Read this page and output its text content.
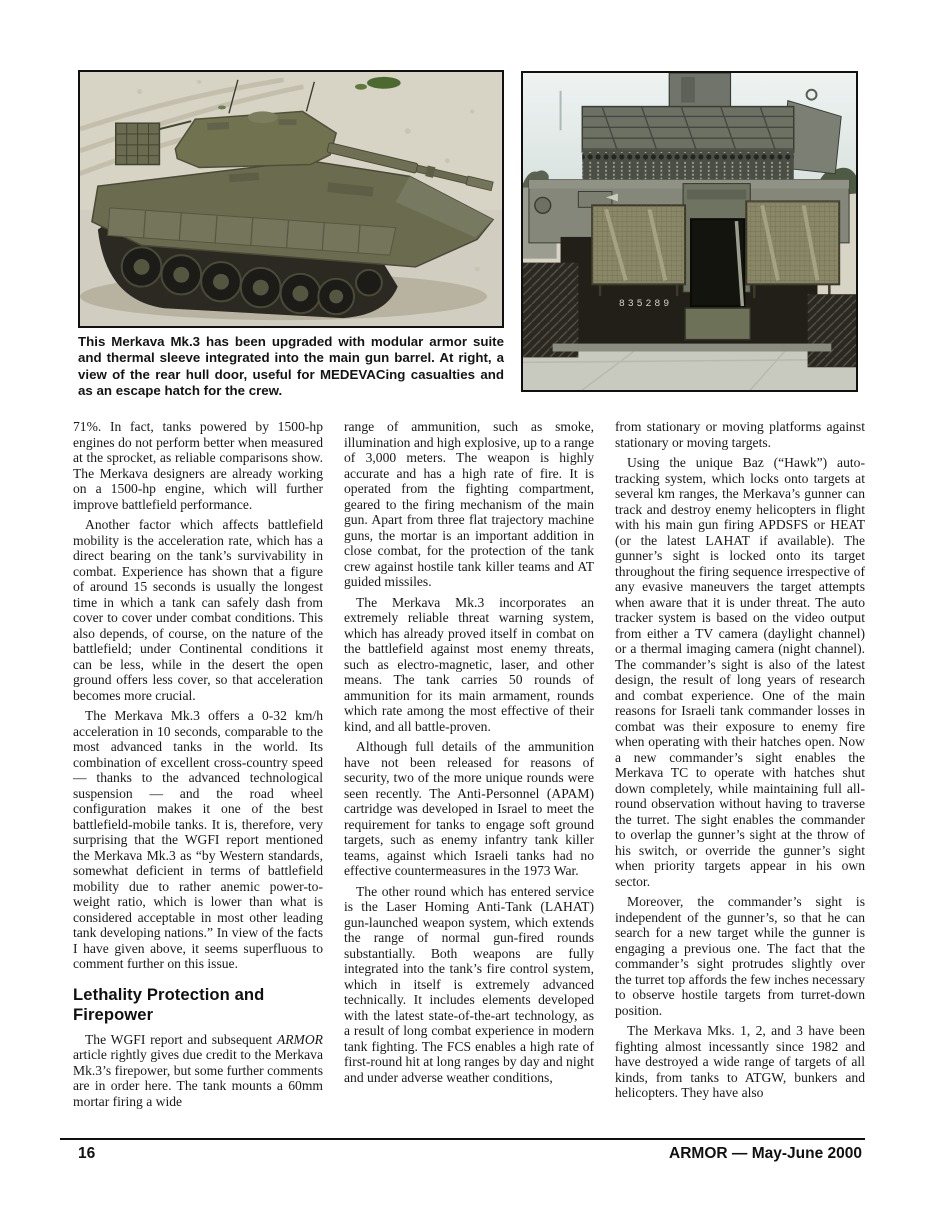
835289
This Merkava Mk.3 has been upgraded with modular armor suite and thermal sleeve integrated into the main gun barrel. At right, a view of the rear hull door, useful for MEDEVACing casualties and as an escape hatch for the crew.

71%. In fact, tanks powered by 1500-hp engines do not perform better when measured at the sprocket, as reliable comparisons show. The Merkava designers are already working on a 1500-hp engine, which will further improve battlefield performance.

Another factor which affects battlefield mobility is the acceleration rate, which has a direct bearing on the tank’s survivability in combat. Experience has shown that a figure of around 15 seconds is usually the longest time in which a tank can safely dash from cover to cover under combat conditions. This also depends, of course, on the nature of the battlefield; under Continental conditions it can be less, while in the desert the open ground offers less cover, so that acceleration becomes more crucial.

The Merkava Mk.3 offers a 0-32 km/h acceleration in 10 seconds, comparable to the most advanced tanks in the world. Its combination of excellent cross-country speed — thanks to the advanced technological suspension — and the road wheel configuration makes it one of the best battlefield-mobile tanks. It is, therefore, very surprising that the WGFI report mentioned the Merkava Mk.3 as “by Western standards, somewhat deficient in terms of battlefield mobility due to rather anemic power-to-weight ratio, which is lower than what is considered acceptable in most other leading tank developing nations.” In view of the facts I have given above, it seems superfluous to comment further on this issue.

Lethality Protection and Firepower

The WGFI report and subsequent ARMOR article rightly gives due credit to the Merkava Mk.3’s firepower, but some further comments are in order here. The tank mounts a 60mm mortar firing a wide

range of ammunition, such as smoke, illumination and high explosive, up to a range of 3,000 meters. The weapon is highly accurate and has a high rate of fire. It is operated from the fighting compartment, geared to the firing mechanism of the main gun. Apart from three flat trajectory machine guns, the mortar is an important addition in close combat, for the protection of the tank crew against hostile tank killer teams and AT guided missiles.

The Merkava Mk.3 incorporates an extremely reliable threat warning system, which has already proved itself in combat on the battlefield against most enemy threats, such as electro-magnetic, laser, and other means. The tank carries 50 rounds of ammunition for its main armament, rounds which rate among the most effective of their kind, and all battle-proven.

Although full details of the ammunition have not been released for reasons of security, two of the more unique rounds were seen recently. The Anti-Personnel (APAM) cartridge was developed in Israel to meet the requirement for tanks to engage soft ground targets, such as enemy infantry tank killer teams, against which Israeli tanks had no effective countermeasures in the 1973 War.

The other round which has entered service is the Laser Homing Anti-Tank (LAHAT) gun-launched weapon system, which extends the range of normal gun-fired rounds substantially. Both weapons are fully integrated into the tank’s fire control system, which in itself is extremely advanced technically. It includes elements developed with the latest state-of-the-art technology, as a result of long combat experience in modern tank fighting. The FCS enables a high rate of first-round hit at long ranges by day and night and under adverse weather conditions,

from stationary or moving platforms against stationary or moving targets.

Using the unique Baz (“Hawk”) auto-tracking system, which locks onto targets at several km ranges, the Merkava’s gunner can track and destroy enemy helicopters in flight with his main gun firing APDSFS or HEAT (or the latest LAHAT if available). The gunner’s sight is locked onto its target throughout the firing sequence irrespective of any evasive maneuvers the target attempts when aware that it is under threat. The auto tracker system is based on the video output from either a TV camera (daylight channel) or a thermal imaging camera (night channel). The commander’s sight is also of the latest design, the result of long years of research and combat experience. One of the main reasons for Israeli tank commander losses in combat was their exposure to enemy fire when operating with their hatches open. Now a new commander’s sight enables the Merkava TC to operate with hatches shut down completely, while maintaining full all-round observation without having to traverse the turret. The sight enables the commander to overlap the gunner’s sight at the throw of his switch, or override the gunner’s sight when priority targets appear in his own sector.

Moreover, the commander’s sight is independent of the gunner’s, so that he can search for a new target while the gunner is engaging a previous one. The fact that the commander’s sight protrudes slightly over the turret top affords the few inches necessary to observe hostile targets from turret-down position.

The Merkava Mks. 1, 2, and 3 have been fighting almost incessantly since 1982 and have destroyed a wide range of targets of all kinds, from tanks to ATGW, bunkers and helicopters. They have also

16	ARMOR — May-June 2000
